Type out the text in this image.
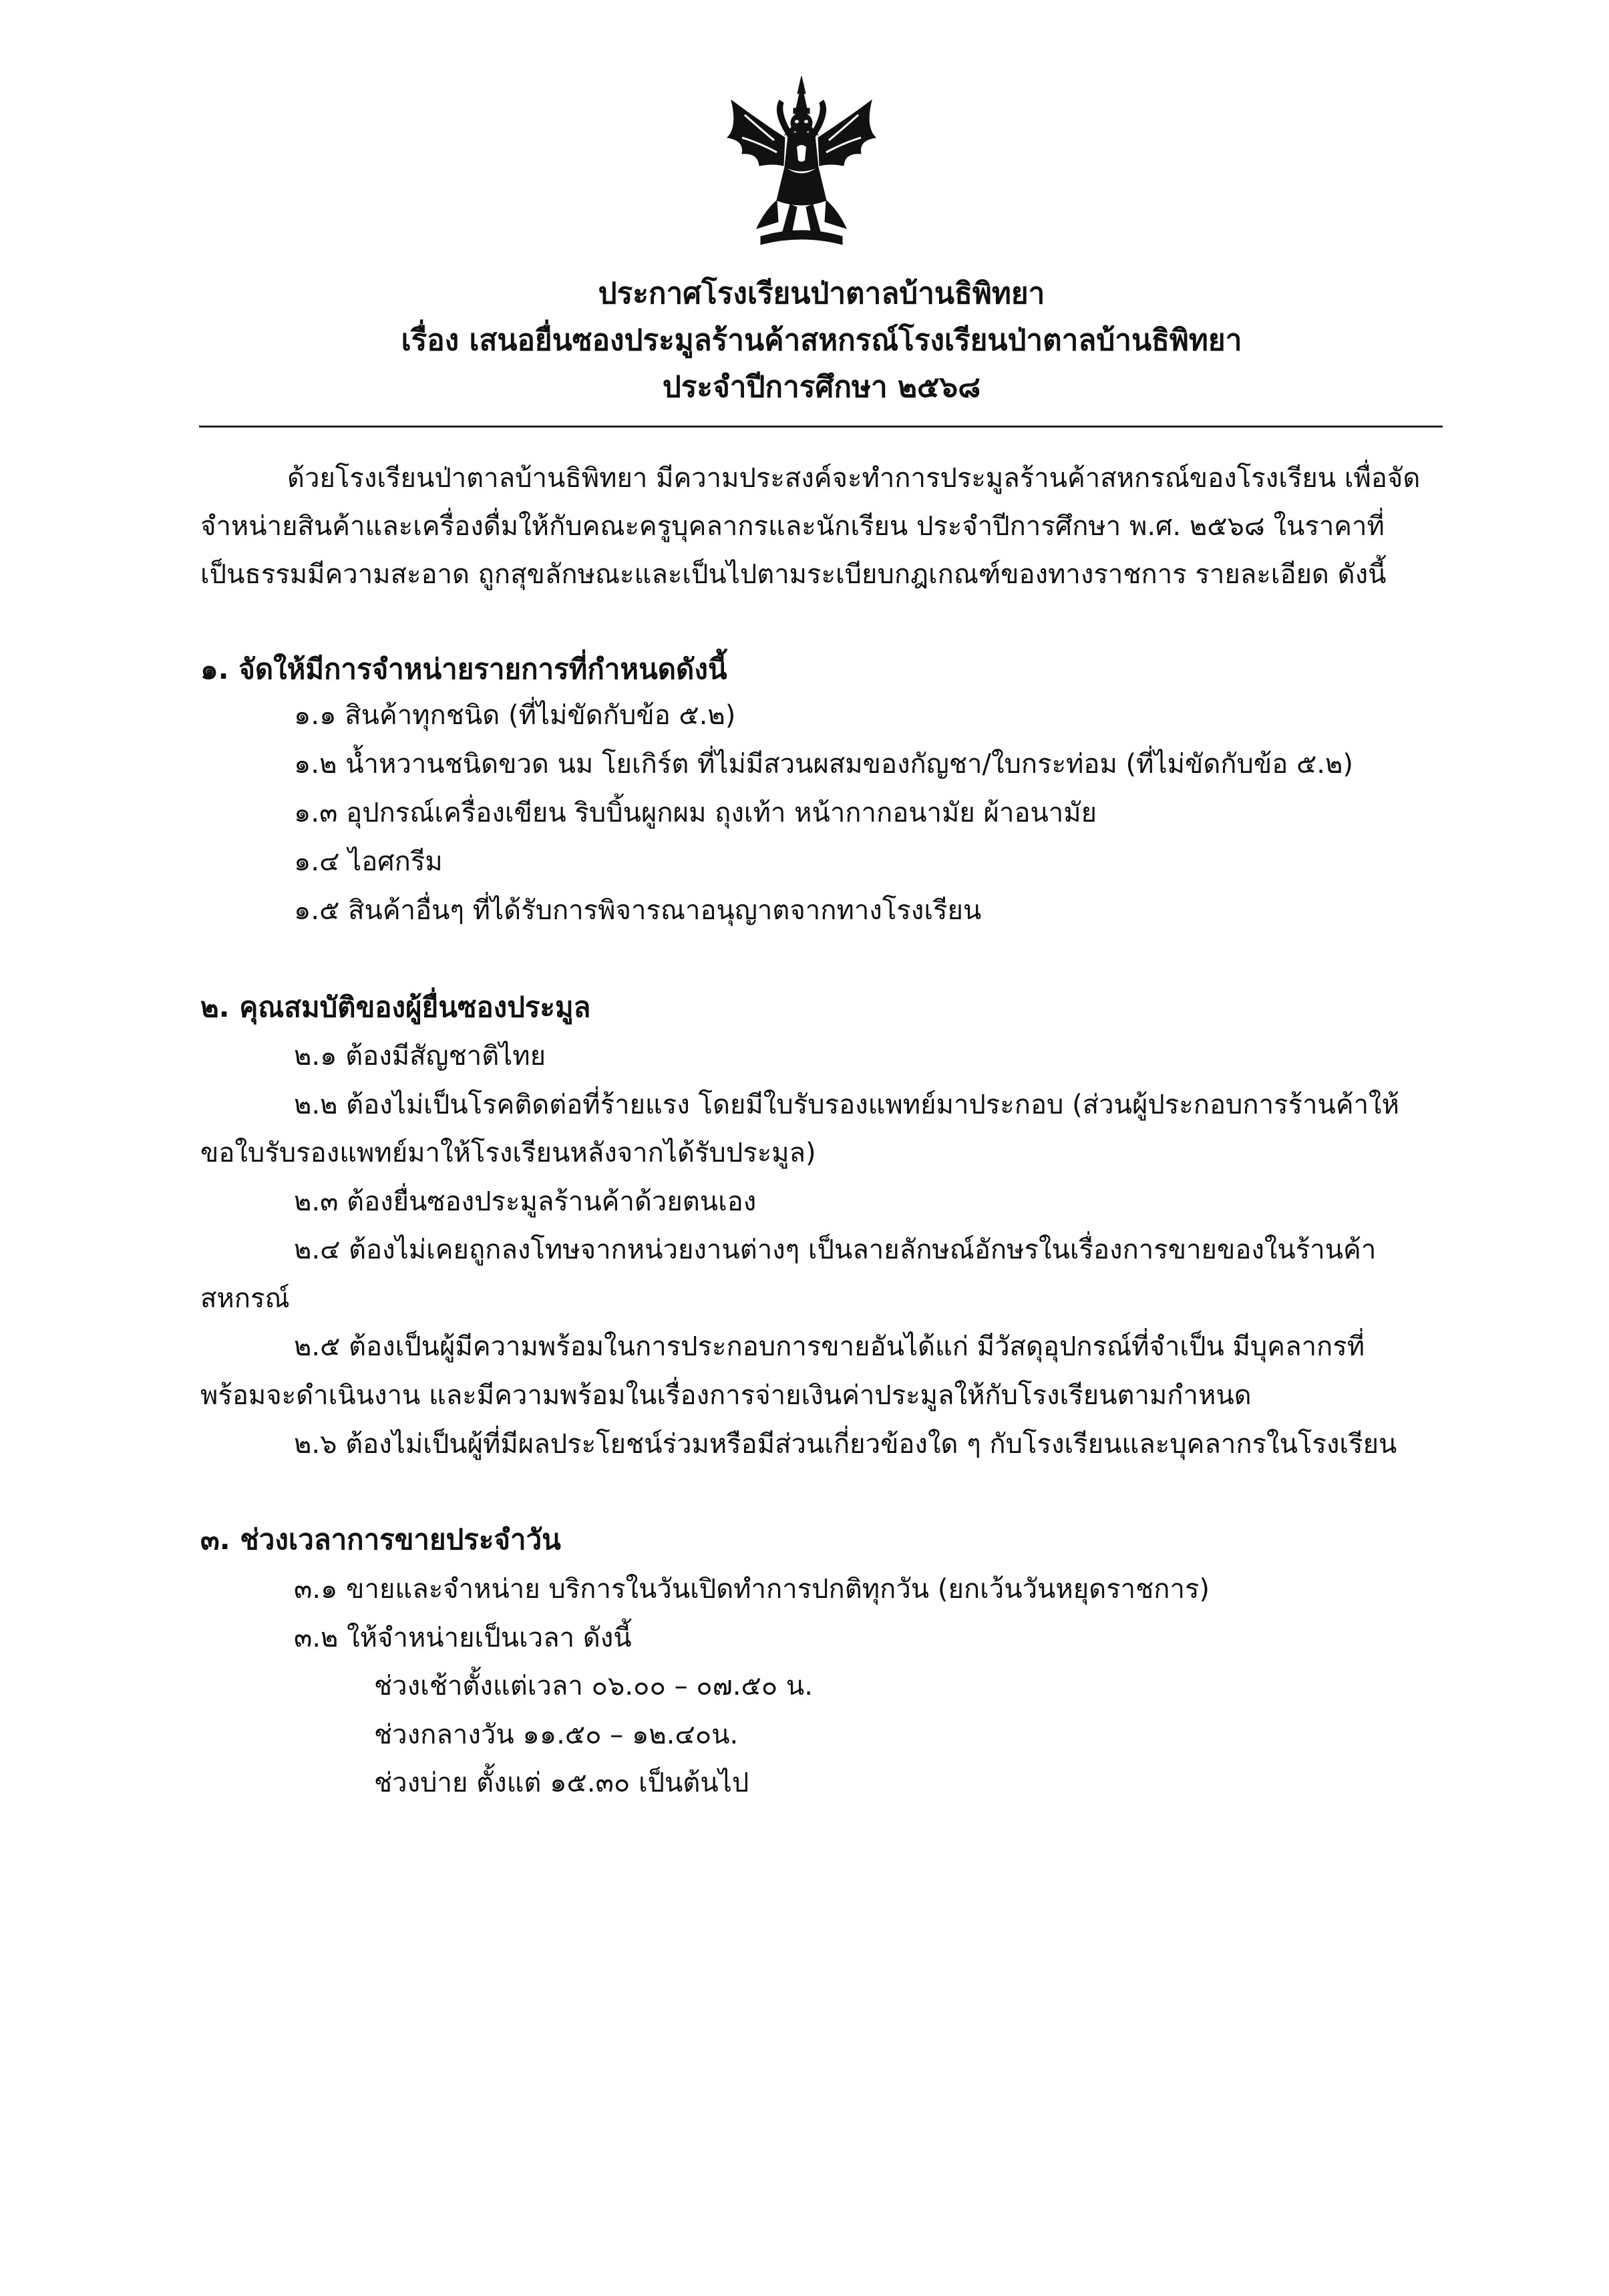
ประกาศโรงเรียนป่าตาลบ้านธิพิทยา
เรื่อง เสนอยื่นซองประมูลร้านค้าสหกรณ์โรงเรียนป่าตาลบ้านธิพิทยา
ประจำปีการศึกษา ๒๕๖๘
ด้วยโรงเรียนป่าตาลบ้านธิพิทยา มีความประสงค์จะทำการประมูลร้านค้าสหกรณ์ของโรงเรียน เพื่อจัด
จำหน่ายสินค้าและเครื่องดื่มให้กับคณะครูบุคลากรและนักเรียน ประจำปีการศึกษา พ.ศ. ๒๕๖๘ ในราคาที่
เป็นธรรมมีความสะอาด ถูกสุขลักษณะและเป็นไปตามระเบียบกฎเกณฑ์ของทางราชการ รายละเอียด ดังนี้
๑. จัดให้มีการจำหน่ายรายการที่กำหนดดังนี้
๑.๑ สินค้าทุกชนิด (ที่ไม่ขัดกับข้อ ๕.๒)
๑.๒ น้ำหวานชนิดขวด นม โยเกิร์ต ที่ไม่มีสวนผสมของกัญชา/ใบกระท่อม (ที่ไม่ขัดกับข้อ ๕.๒)
๑.๓ อุปกรณ์เครื่องเขียน ริบบิ้นผูกผม ถุงเท้า หน้ากากอนามัย ผ้าอนามัย
๑.๔ ไอศกรีม
๑.๕ สินค้าอื่นๆ ที่ได้รับการพิจารณาอนุญาตจากทางโรงเรียน
๒. คุณสมบัติของผู้ยื่นซองประมูล
๒.๑ ต้องมีสัญชาติไทย
๒.๒ ต้องไม่เป็นโรคติดต่อที่ร้ายแรง โดยมีใบรับรองแพทย์มาประกอบ (ส่วนผู้ประกอบการร้านค้าให้
ขอใบรับรองแพทย์มาให้โรงเรียนหลังจากได้รับประมูล)
๒.๓ ต้องยื่นซองประมูลร้านค้าด้วยตนเอง
๒.๔ ต้องไม่เคยถูกลงโทษจากหน่วยงานต่างๆ เป็นลายลักษณ์อักษรในเรื่องการขายของในร้านค้า
สหกรณ์
๒.๕ ต้องเป็นผู้มีความพร้อมในการประกอบการขายอันได้แก่ มีวัสดุอุปกรณ์ที่จำเป็น มีบุคลากรที่
พร้อมจะดำเนินงาน และมีความพร้อมในเรื่องการจ่ายเงินค่าประมูลให้กับโรงเรียนตามกำหนด
๒.๖ ต้องไม่เป็นผู้ที่มีผลประโยชน์ร่วมหรือมีส่วนเกี่ยวข้องใด ๆ กับโรงเรียนและบุคลากรในโรงเรียน
๓. ช่วงเวลาการขายประจำวัน
๓.๑ ขายและจำหน่าย บริการในวันเปิดทำการปกติทุกวัน (ยกเว้นวันหยุดราชการ)
๓.๒ ให้จำหน่ายเป็นเวลา ดังนี้
ช่วงเช้าตั้งแต่เวลา ๐๖.๐๐ – ๐๗.๕๐ น.
ช่วงกลางวัน ๑๑.๕๐ – ๑๒.๔๐น.
ช่วงบ่าย ตั้งแต่ ๑๕.๓๐ เป็นต้นไป
